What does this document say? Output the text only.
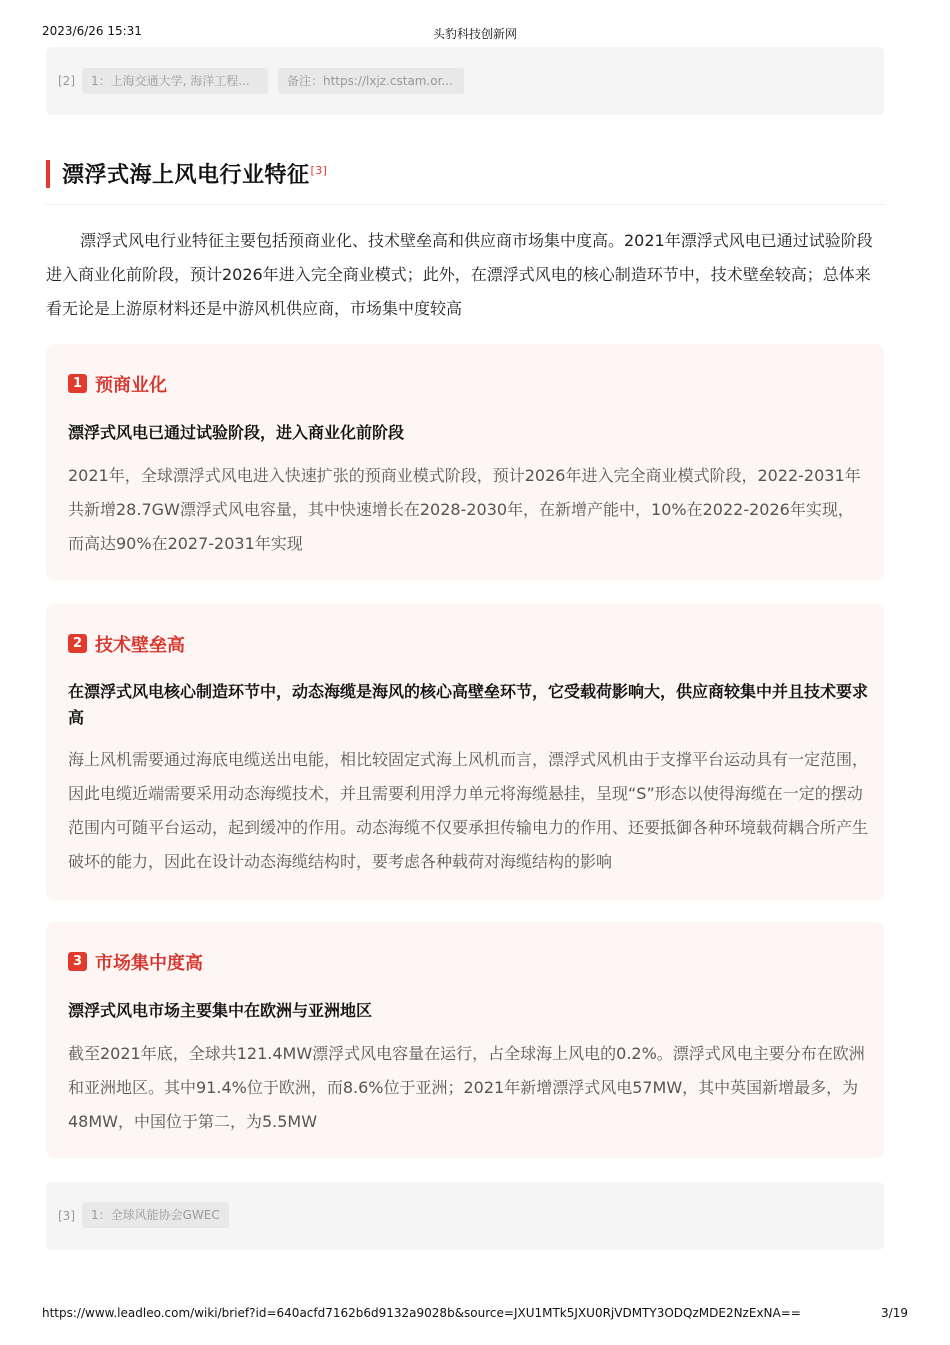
2023/6/26 15:31	头豹科技创新网
[2]	1：上海交通大学, 海洋工程...	备注：https://lxjz.cstam.or...
漂浮式海上风电行业特征[3]

漂浮式风电行业特征主要包括预商业化、技术壁垒高和供应商市场集中度高。2021年漂浮式风电已通过试验阶段进入商业化前阶段，预计2026年进入完全商业模式；此外，在漂浮式风电的核心制造环节中，技术壁垒较高；总体来看无论是上游原材料还是中游风机供应商，市场集中度较高

1 预商业化

漂浮式风电已通过试验阶段，进入商业化前阶段

2021年，全球漂浮式风电进入快速扩张的预商业模式阶段，预计2026年进入完全商业模式阶段，2022-2031年共新增28.7GW漂浮式风电容量，其中快速增长在2028-2030年，在新增产能中，10%在2022-2026年实现，而高达90%在2027-2031年实现

2 技术壁垒高

在漂浮式风电核心制造环节中，动态海缆是海风的核心高壁垒环节，它受载荷影响大，供应商较集中并且技术要求高

海上风机需要通过海底电缆送出电能，相比较固定式海上风机而言，漂浮式风机由于支撑平台运动具有一定范围，因此电缆近端需要采用动态海缆技术，并且需要利用浮力单元将海缆悬挂，呈现“S”形态以使得海缆在一定的摆动范围内可随平台运动，起到缓冲的作用。动态海缆不仅要承担传输电力的作用、还要抵御各种环境载荷耦合所产生破坏的能力，因此在设计动态海缆结构时，要考虑各种载荷对海缆结构的影响

3 市场集中度高

漂浮式风电市场主要集中在欧洲与亚洲地区

截至2021年底，全球共121.4MW漂浮式风电容量在运行，占全球海上风电的0.2%。漂浮式风电主要分布在欧洲和亚洲地区。其中91.4%位于欧洲，而8.6%位于亚洲；2021年新增漂浮式风电57MW，其中英国新增最多，为48MW，中国位于第二，为5.5MW

[3]	1：全球风能协会GWEC
https://www.leadleo.com/wiki/brief?id=640acfd7162b6d9132a9028b&source=JXU1MTk5JXU0RjVDMTY3ODQzMDE2NzExNA==	3/19
